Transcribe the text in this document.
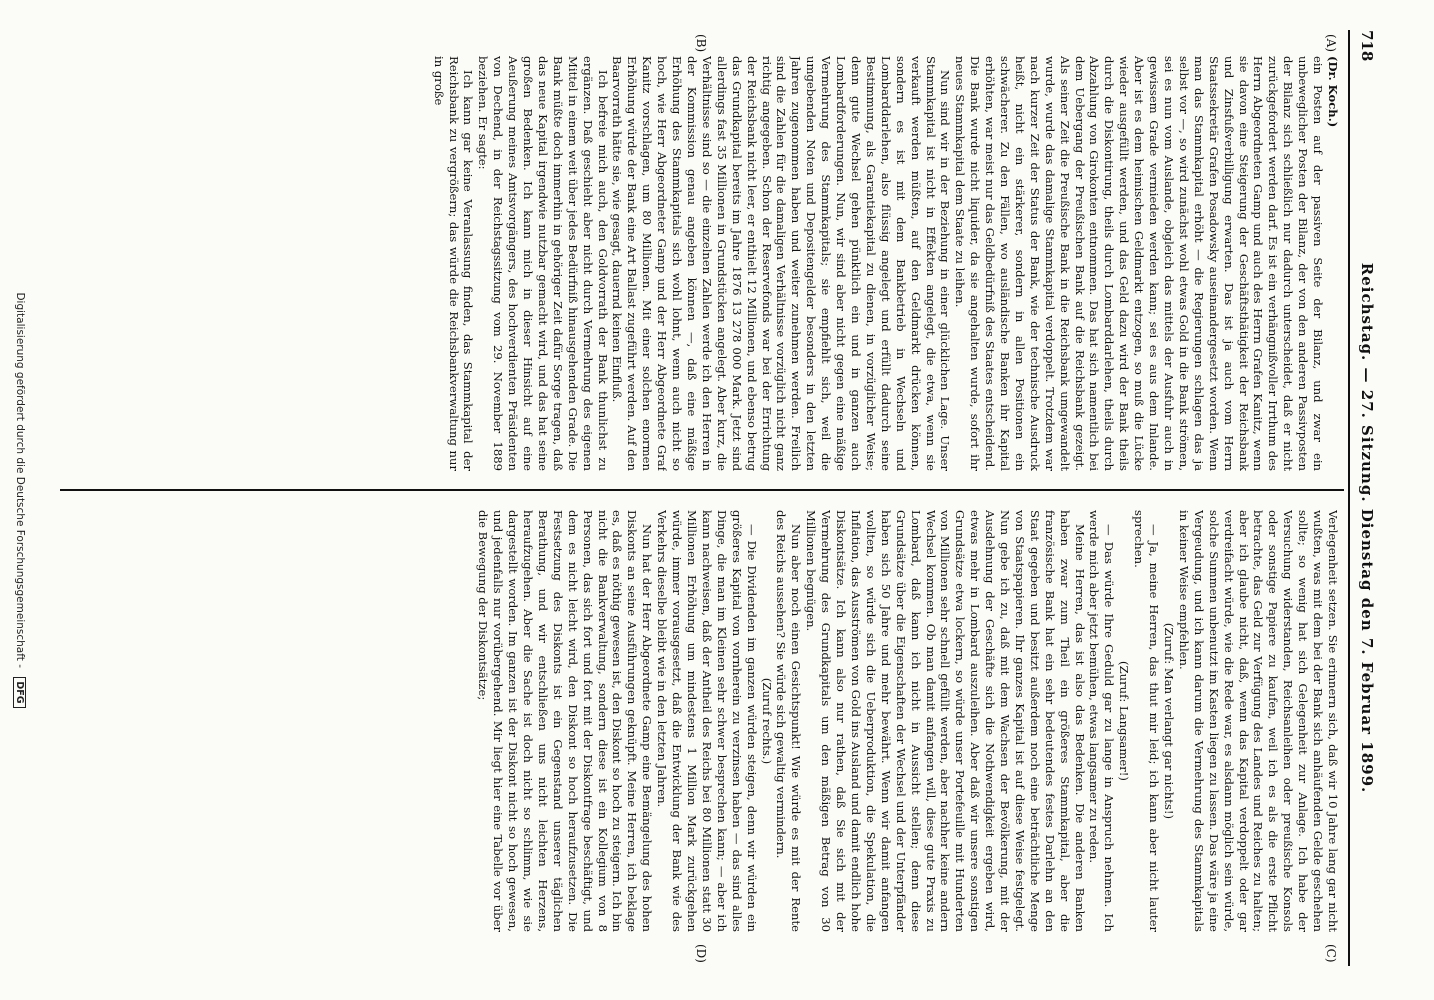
718
Reichstag. — 27. Sitzung. Dienstag den 7. Februar 1899.
(A)
(B)
(C)
(D)

(Dr. Koch.)

ein Posten auf der passiven Seite der Bilanz, und zwar ein unbeweglicher Posten der Bilanz, der von den anderen Passivposten der Bilanz sich schließlich nur dadurch unterscheidet, daß er nicht zurückgefordert werden darf. Es ist ein verhängnißvoller Irrthum des Herrn Abgeordneten Gamp und auch des Herrn Grafen Kanitz, wenn sie davon eine Steigerung der Geschäftsthätigkeit der Reichsbank und Zinsfußverbilligung erwarten. Das ist ja auch vom Herrn Staatssekretär Grafen Posadowsky auseinandergesetzt worden. Wenn man das Stammkapital erhöht — die Regierungen schlagen das ja selbst vor —, so wird zunächst wohl etwas Gold in die Bank strömen, sei es nun vom Auslande, obgleich das mittels der Ausfuhr auch in gewissem Grade vermieden werden kann; sei es aus dem Inlande. Aber ist es dem heimischen Geldmarkt entzogen, so muß die Lücke wieder ausgefüllt werden, und das Geld dazu wird der Bank theils durch die Diskontirung, theils durch Lombarddarlehen, theils durch Abzahlung von Girokonten entnommen. Das hat sich namentlich bei dem Uebergang der Preußischen Bank auf die Reichsbank gezeigt. Als seiner Zeit die Preußische Bank in die Reichsbank umgewandelt wurde, wurde das damalige Stammkapital verdoppelt. Trotzdem war nach kurzer Zeit der Status der Bank, wie der technische Ausdruck heißt, nicht ein stärkerer, sondern in allen Positionen ein schwächerer. Zu den Fällen, wo ausländische Banken ihr Kapital erhöhten, war meist nur das Geldbedürfniß des Staates entscheidend. Die Bank wurde nicht liquider, da sie angehalten wurde, sofort ihr neues Stammkapital dem Staate zu leihen.

Nun sind wir in der Beziehung in einer glücklichen Lage. Unser Stammkapital ist nicht in Effekten angelegt, die etwa, wenn sie verkauft werden müßten, auf den Geldmarkt drücken können, sondern es ist mit dem Bankbetrieb in Wechseln und Lombarddarlehen, also flüssig angelegt und erfüllt dadurch seine Bestimmung, als Garantiekapital zu dienen, in vorzüglicher Weise; denn gute Wechsel gehen pünktlich ein und in ganzen auch Lombardforderungen. Nun, wir sind aber nicht gegen eine mäßige Vermehrung des Stammkapitals; sie empfiehlt sich, weil die umgebenden Noten und Depositengelder besonders in den letzten Jahren zugenommen haben und weiter zunehmen werden. Freilich sind die Zahlen für die damaligen Verhältnisse vorzüglich nicht ganz richtig angegeben. Schon der Reservefonds war bei der Errichtung der Reichsbank nicht leer, er enthielt 12 Millionen, und ebenso betrug das Grundkapital bereits im Jahre 1876 13 278 000 Mark. Jetzt sind allerdings fast 35 Millionen in Grundstücken angelegt. Aber kurz, die Verhältnisse sind so — die einzelnen Zahlen werde ich den Herren in der Kommission genau angeben können —, daß eine mäßige Erhöhung des Stammkapitals sich wohl lohnt, wenn auch nicht so hoch, wie Herr Abgeordneter Gamp und der Herr Abgeordnete Graf Kanitz vorschlagen, um 80 Millionen. Mit einer solchen enormen Erhöhung würde der Bank eine Art Ballast zugeführt werden. Auf den Baarvorrath hätte sie, wie gesagt, dauernd keinen Einfluß.

Ich befreie mich auch, den Goldvorrath der Bank thunlichst zu ergänzen. Daß geschieht aber nicht durch Vermehrung des eigenen Mittel in einem weit über jedes Bedürfniß hinausgehenden Grade. Die Bank müßte doch immerhin in gehöriger Zeit dafür Sorge tragen, daß das neue Kapital irgendwie nutzbar gemacht wird, und das hat seine großen Bedenken. Ich kann mich in dieser Hinsicht auf eine Aeußerung meines Amtsvorgängers, des hochverdienten Präsidenten von Dechend, in der Reichstagssitzung vom 29. November 1889 beziehen. Er sagte:

Ich kann gar keine Veranlassung finden, das Stammkapital der Reichsbank zu vergrößern; das würde die Reichsbankverwaltung nur in große

Verlegenheit setzen. Sie erinnern sich, daß wir 10 Jahre lang gar nicht wußten, was mit dem bei der Bank sich anhäufenden Gelde geschehen sollte; so wenig hat sich Gelegenheit zur Anlage. Ich habe der Versuchung widerstanden, Reichsanleihen oder preußische Konsols oder sonstige Papiere zu kaufen, weil ich es als die erste Pflicht betrachte, das Geld zur Verfügung des Landes und Reiches zu halten; aber ich glaube nicht, daß, wenn das Kapital verdoppelt oder gar verdreifacht würde, wie die Rede war, es alsdann möglich sein würde, solche Summen unbenutzt im Kasten liegen zu lassen. Das wäre ja eine Vergeudung, und ich kann darum die Vermehrung des Stammkapitals in keiner Weise empfehlen.

(Zuruf: Man verlangt gar nichts!)

— Ja, meine Herren, das thut mir leid; ich kann aber nicht lauter sprechen.

(Zuruf: Langsamer!)

— Das würde Ihre Geduld gar zu lange in Anspruch nehmen. Ich werde mich aber jetzt bemühen, etwas langsamer zu reden.

Meine Herren, das ist also das Bedenken. Die anderen Banken haben zwar zum Theil ein größeres Stammkapital, aber die französische Bank hat ein sehr bedeutendes festes Darlehn an den Staat gegeben und besitzt außerdem noch eine beträchtliche Menge von Staatspapieren. Ihr ganzes Kapital ist auf diese Weise festgelegt. Nun gebe ich zu, daß mit dem Wachsen der Bevölkerung, mit der Ausdehnung der Geschäfte sich die Nothwendigkeit ergeben wird, etwas mehr in Lombard auszuleihen. Aber daß wir unsere sonstigen Grundsätze etwa lockern, so würde unser Portefeuille mit Hunderten von Millionen sehr schnell gefüllt werden, aber nachher keine andern Wechsel kommen. Ob man damit anfangen will, diese gute Praxis zu Lombard, daß kann ich nicht in Aussicht stellen; denn diese Grundsätze über die Eigenschaften der Wechsel und der Unterpfänder haben sich 50 Jahre und mehr bewährt. Wenn wir damit anfangen wollten, so würde sich die Ueberproduktion, die Spekulation, die Inflation, das Ausströmen von Gold ins Ausland und damit endlich hohe Diskontsätze. Ich kann also nur rathen, daß Sie sich mit der Vermehrung des Grundkapitals um den mäßigen Betrag von 30 Millionen begnügen.

Nun aber noch einen Gesichtspunkt! Wie würde es mit der Rente des Reichs aussehen? Sie würde sich gewaltig vermindern.

(Zuruf rechts.)

— Die Dividenden im ganzen würden steigen, denn wir würden ein größeres Kapital von vornherein zu verzinsen haben — das sind alles Dinge, die man im Kleinen sehr schwer besprechen kann; — aber ich kann nachweisen, daß der Antheil des Reichs bei 80 Millionen statt 30 Millionen Erhöhung um mindestens 1 Million Mark zurückgehen würde, immer vorausgesetzt, daß die Entwicklung der Bank wie des Verkehrs dieselbe bleibt wie in den letzten Jahren.

Nun hat der Herr Abgeordnete Gamp eine Bemängelung des hohen Diskonts an seine Ausführungen geknüpft. Meine Herren, ich beklage es, daß es nöthig gewesen ist, den Diskont so hoch zu steigern. Ich bin nicht die Bankverwaltung, sondern diese ist ein Kollegium von 8 Personen, das sich fort und fort mit der Diskontfrage beschäftigt, und dem es nicht leicht wird, den Diskont so hoch heraufzusetzen. Die Festsetzung des Diskonts ist ein Gegenstand unserer täglichen Berathung, und wir entschließen uns nicht leichten Herzens, heraufzugehen. Aber die Sache ist doch nicht so schlimm, wie sie dargestellt worden. Im ganzen ist der Diskont nicht so hoch gewesen, und jedenfalls nur vorübergehend. Mir liegt hier eine Tabelle vor über die Bewegung der Diskontsätze;

Digitalisierung gefördert durch die Deutsche Forschungsgemeinschaft - DFG
